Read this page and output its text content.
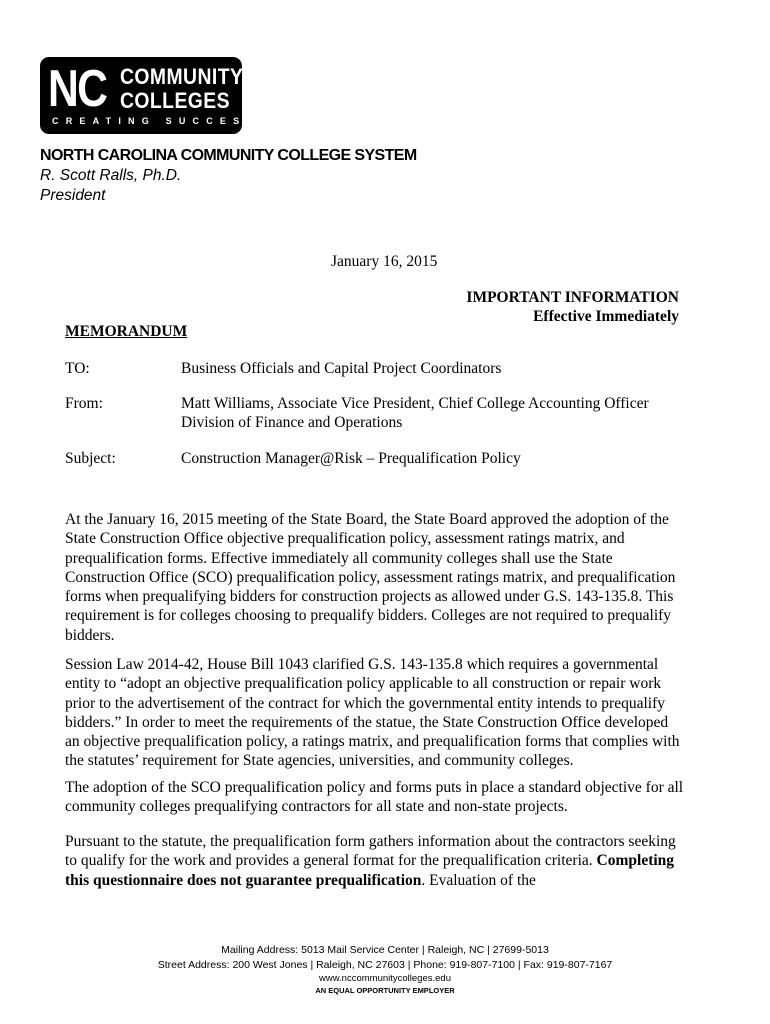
NC COMMUNITY
COLLEGES
CREATING SUCCESS
NORTH CAROLINA COMMUNITY COLLEGE SYSTEM
R. Scott Ralls, Ph.D.
President
January 16, 2015
IMPORTANT INFORMATION
Effective Immediately
MEMORANDUM
TO:	Business Officials and Capital Project Coordinators
From:	Matt Williams, Associate Vice President, Chief College Accounting Officer
Division of Finance and Operations
Subject:	Construction Manager@Risk – Prequalification Policy

At the January 16, 2015 meeting of the State Board, the State Board approved the adoption of the State Construction Office objective prequalification policy, assessment ratings matrix, and prequalification forms. Effective immediately all community colleges shall use the State Construction Office (SCO) prequalification policy, assessment ratings matrix, and prequalification forms when prequalifying bidders for construction projects as allowed under G.S. 143-135.8. This requirement is for colleges choosing to prequalify bidders. Colleges are not required to prequalify bidders.

Session Law 2014-42, House Bill 1043 clarified G.S. 143-135.8 which requires a governmental entity to “adopt an objective prequalification policy applicable to all construction or repair work prior to the advertisement of the contract for which the governmental entity intends to prequalify bidders.” In order to meet the requirements of the statue, the State Construction Office developed an objective prequalification policy, a ratings matrix, and prequalification forms that complies with the statutes’ requirement for State agencies, universities, and community colleges.

The adoption of the SCO prequalification policy and forms puts in place a standard objective for all community colleges prequalifying contractors for all state and non-state projects.

Pursuant to the statute, the prequalification form gathers information about the contractors seeking to qualify for the work and provides a general format for the prequalification criteria. Completing this questionnaire does not guarantee prequalification. Evaluation of the

Mailing Address: 5013 Mail Service Center | Raleigh, NC | 27699-5013
Street Address: 200 West Jones | Raleigh, NC 27603 | Phone: 919-807-7100 | Fax: 919-807-7167
www.nccommunitycolleges.edu
AN EQUAL OPPORTUNITY EMPLOYER
